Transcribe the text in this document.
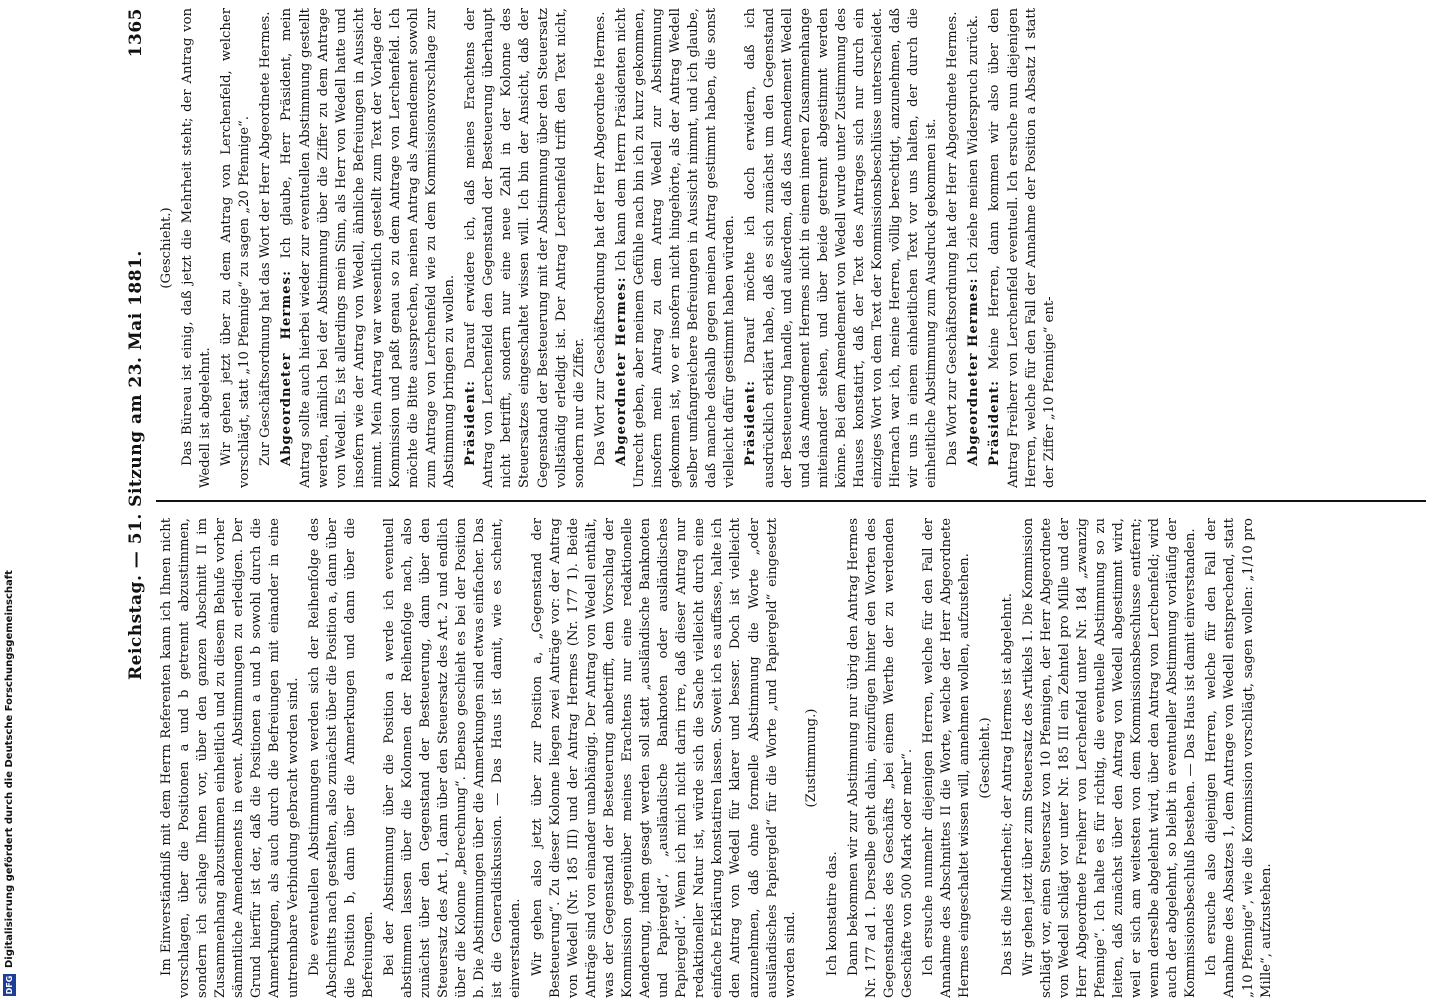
Reichstag. — 51. Sitzung am 23. Mai 1881.
1365

Im Einverständniß mit dem Herrn Referenten kann ich Ihnen nicht vorschlagen, über die Positionen a und b getrennt abzustimmen, sondern ich schlage Ihnen vor, über den ganzen Abschnitt II im Zusammenhang abzustimmen einheitlich und zu diesem Behufe vorher sämmtliche Amendements in event. Abstimmungen zu erledigen. Der Grund hierfür ist der, daß die Positionen a und b sowohl durch die Anmerkungen, als auch durch die Befreiungen mit einander in eine untrennbare Verbindung gebracht worden sind. Die eventuellen Abstimmungen werden sich der Reihenfolge des Abschnitts nach gestalten, also zunächst über die Position a, dann über die Position b, dann über die Anmerkungen und dann über die Befreiungen. Bei der Abstimmung über die Position a werde ich eventuell abstimmen lassen über die Kolonnen der Reihenfolge nach, also zunächst über den Gegenstand der Besteuerung, dann über den Steuersatz des Art. 1, dann über den Steuersatz des Art. 2 und endlich über die Kolonne „Berechnung“. Ebenso geschieht es bei der Position b. Die Abstimmungen über die Anmerkungen sind etwas einfacher. Das ist die Generaldiskussion. — Das Haus ist damit, wie es scheint, einverstanden. Wir gehen also jetzt über zur Position a, „Gegenstand der Besteuerung“. Zu dieser Kolonne liegen zwei Anträge vor: der Antrag von Wedell (Nr. 185 III) und der Antrag Hermes (Nr. 177 1). Beide Anträge sind von einander unabhängig. Der Antrag von Wedell enthält, was der Gegenstand der Besteuerung anbetrifft, dem Vorschlag der Kommission gegenüber meines Erachtens nur eine redaktionelle Aenderung, indem gesagt werden soll statt „ausländische Banknoten und Papiergeld“, „ausländische Banknoten oder ausländisches Papiergeld“. Wenn ich mich nicht darin irre, daß dieser Antrag nur redaktioneller Natur ist, würde sich die Sache vielleicht durch eine einfache Erklärung konstatiren lassen. Soweit ich es auffasse, halte ich den Antrag von Wedell für klarer und besser. Doch ist vielleicht anzunehmen, daß ohne formelle Abstimmung die Worte „oder ausländisches Papiergeld“ für die Worte „und Papiergeld“ eingesetzt worden sind.

(Zustimmung.)

Ich konstatire das. Dann bekommen wir zur Abstimmung nur übrig den Antrag Hermes Nr. 177 ad 1. Derselbe geht dahin, einzufügen hinter den Worten des Gegenstandes des Geschäfts „bei einem Werthe der zu werdenden Geschäfte von 500 Mark oder mehr“. Ich ersuche nunmehr diejenigen Herren, welche für den Fall der Annahme des Abschnittes II die Worte, welche der Herr Abgeordnete Hermes eingeschaltet wissen will, annehmen wollen, aufzustehen. (Geschieht.) Das ist die Minderheit; der Antrag Hermes ist abgelehnt. Wir gehen jetzt über zum Steuersatz des Artikels 1. Die Kommission schlägt vor, einen Steuersatz von 10 Pfennigen, der Herr Abgeordnete von Wedell schlägt vor unter Nr. 185 III ein Zehntel pro Mille und der Herr Abgeordnete Freiherr von Lerchenfeld unter Nr. 184 „zwanzig Pfennige“. Ich halte es für richtig, die eventuelle Abstimmung so zu leiten, daß zunächst über den Antrag von Wedell abgestimmt wird, weil er sich am weitesten von dem Kommissionsbeschlusse entfernt; wenn derselbe abgelehnt wird, über den Antrag von Lerchenfeld; wird auch der abgelehnt, so bleibt in eventueller Abstimmung vorläufig der Kommissionsbeschluß bestehen. — Das Haus ist damit einverstanden. Ich ersuche also diejenigen Herren, welche für den Fall der Annahme des Absatzes 1, dem Antrage von Wedell entsprechend, statt „10 Pfennige“, wie die Kommission vorschlägt, sagen wollen: „1/10 pro Mille“, aufzustehen.

(Geschieht.) Das Büreau ist einig, daß jetzt die Mehrheit steht; der Antrag von Wedell ist abgelehnt. Wir gehen jetzt über zu dem Antrag von Lerchenfeld, welcher vorschlägt, statt „10 Pfennige“ zu sagen „20 Pfennige“. Zur Geschäftsordnung hat das Wort der Herr Abgeordnete Hermes. Abgeordneter Hermes: Ich glaube, Herr Präsident, mein Antrag sollte auch hierbei wieder zur eventuellen Abstimmung gestellt werden, nämlich bei der Abstimmung über die Ziffer zu dem Antrage von Wedell. Es ist allerdings mein Sinn, als Herr von Wedell hatte und insofern wie der Antrag von Wedell, ähnliche Befreiungen in Aussicht nimmt. Mein Antrag war wesentlich gestellt zum Text der Vorlage der Kommission und paßt genau so zu dem Antrage von Lerchenfeld. Ich möchte die Bitte aussprechen, meinen Antrag als Amendement sowohl zum Antrage von Lerchenfeld wie zu dem Kommissionsvorschlage zur Abstimmung bringen zu wollen. Präsident: Darauf erwidere ich, daß meines Erachtens der Antrag von Lerchenfeld den Gegenstand der Besteuerung überhaupt nicht betrifft, sondern nur eine neue Zahl in der Kolonne des Steuersatzes eingeschaltet wissen will. Ich bin der Ansicht, daß der Gegenstand der Besteuerung mit der Abstimmung über den Steuersatz vollständig erledigt ist. Der Antrag Lerchenfeld trifft den Text nicht, sondern nur die Ziffer. Das Wort zur Geschäftsordnung hat der Herr Abgeordnete Hermes. Abgeordneter Hermes: Ich kann dem Herrn Präsidenten nicht Unrecht geben, aber meinem Gefühle nach bin ich zu kurz gekommen, insofern mein Antrag zu dem Antrag Wedell zur Abstimmung gekommen ist, wo er insofern nicht hingehörte, als der Antrag Wedell selber umfangreichere Befreiungen in Aussicht nimmt, und ich glaube, daß manche deshalb gegen meinen Antrag gestimmt haben, die sonst vielleicht dafür gestimmt haben würden. Präsident: Darauf möchte ich doch erwidern, daß ich ausdrücklich erklärt habe, daß es sich zunächst um den Gegenstand der Besteuerung handle, und außerdem, daß das Amendement Wedell und das Amendement Hermes nicht in einem inneren Zusammenhange miteinander stehen, und über beide getrennt abgestimmt werden könne. Bei dem Amendement von Wedell wurde unter Zustimmung des Hauses konstatirt, daß der Text des Antrages sich nur durch ein einziges Wort von dem Text der Kommissionsbeschlüsse unterscheidet. Hiernach war ich, meine Herren, völlig berechtigt, anzunehmen, daß wir uns in einem einheitlichen Text vor uns halten, der durch die einheitliche Abstimmung zum Ausdruck gekommen ist. Das Wort zur Geschäftsordnung hat der Herr Abgeordnete Hermes. Abgeordneter Hermes: Ich ziehe meinen Widerspruch zurück.

Präsident: Meine Herren, dann kommen wir also über den Antrag Freiherr von Lerchenfeld eventuell. Ich ersuche nun diejenigen Herren, welche für den Fall der Annahme der Position a Absatz 1 statt der Ziffer „10 Pfennige“ ent-

DFG
Digitalisierung gefördert durch die Deutsche Forschungsgemeinschaft
